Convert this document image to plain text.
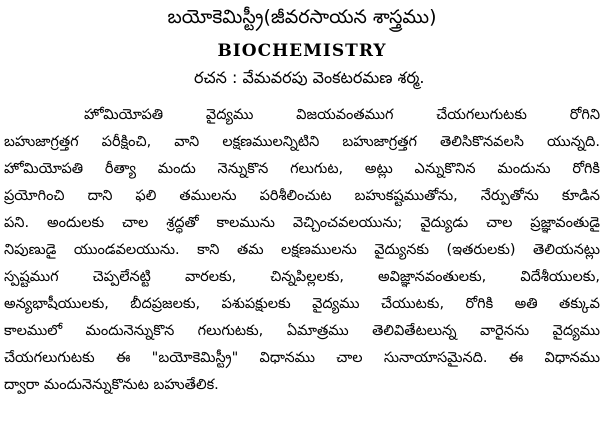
బయోకెమిస్ట్రీ(జీవరసాయన శాస్త్రము)
BIOCHEMISTRY
రచన : వేమవరపు వెంకటరమణ శర్మ.
హోమియోపతి వైద్యము విజయవంతముగ చేయగలుగుటకు రోగిని
బహుజాగ్రత్తగ పరీక్షించి, వాని లక్షణములన్నిటిని బహుజాగ్రత్తగ తెలిసికొనవలసి యున్నది.
హోమియోపతి రీత్యా మందు నెన్నుకొన గలుగుట, అట్లు ఎన్నుకొనిన మందును రోగికి
ప్రయోగించి దాని ఫలి తములను పరిశీలించుట బహుకష్టముతోను, నేర్పుతోను కూడిన
పని. అందులకు చాల శ్రద్ధతో కాలమును వెచ్చించవలయును; వైద్యుడు చాల ప్రజ్ఞావంతుడై
నిపుణుడై యుండవలయును. కాని తమ లక్షణములను వైద్యునకు (ఇతరులకు) తెలియనట్లు
స్పష్టముగ చెప్పలేనట్టి వారలకు, చిన్నపిల్లలకు, అవిజ్ఞానవంతులకు, విదేశీయులకు,
అన్యభాషీయులకు, బీదప్రజలకు, పశుపక్షులకు వైద్యము చేయుటకు, రోగికి అతి తక్కువ
కాలములో మందునెన్నుకొన గలుగుటకు, ఏమాత్రము తెలివితేటలున్న వారైనను వైద్యము
చేయగలుగుటకు ఈ "బయోకెమిస్ట్రీ" విధానము చాల సునాయాసమైనది. ఈ విధానము
ద్వారా మందునెన్నుకొనుట బహుతేలిక.
